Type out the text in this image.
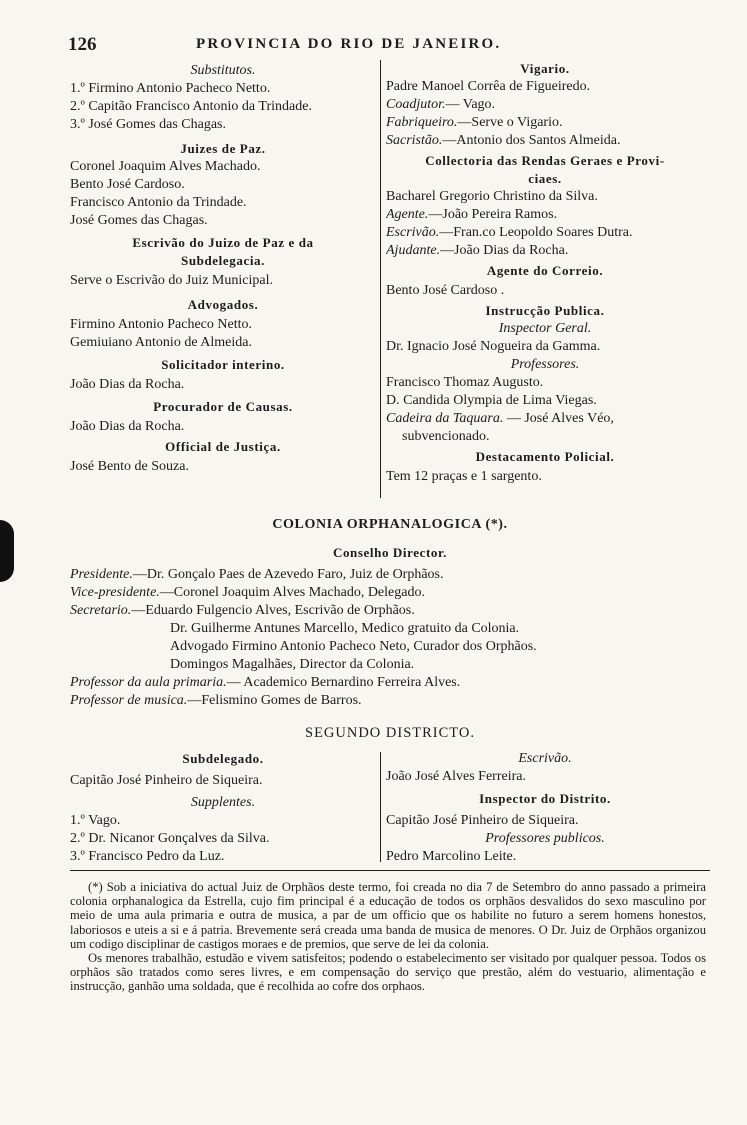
126	PROVINCIA DO RIO DE JANEIRO.
Substitutos.
1.º Firmino Antonio Pacheco Netto.
2.º Capitão Francisco Antonio da Trindade.
3.º José Gomes das Chagas.
Juizes de Paz.
Coronel Joaquim Alves Machado.
Bento José Cardoso.
Francisco Antonio da Trindade.
José Gomes das Chagas.
Escrivão do Juizo de Paz e da
Subdelegacia.
Serve o Escrivão do Juiz Municipal.
Advogados.
Firmino Antonio Pacheco Netto.
Gemiuiano Antonio de Almeida.
Solicitador interino.
João Dias da Rocha.
Procurador de Causas.
João Dias da Rocha.
Official de Justiça.
José Bento de Souza.
Vigario.
Padre Manoel Corrêa de Figueiredo.
Coadjutor.— Vago.
Fabriqueiro.—Serve o Vigario.
Sacristão.—Antonio dos Santos Almeida.
Collectoria das Rendas Geraes e Provi-
ciaes.
Bacharel Gregorio Christino da Silva.
Agente.—João Pereira Ramos.
Escrivão.—Fran.co Leopoldo Soares Dutra.
Ajudante.—João Dias da Rocha.
Agente do Correio.
Bento José Cardoso .
Instrucção Publica.
Inspector Geral.
Dr. Ignacio José Nogueira da Gamma.
Professores.
Francisco Thomaz Augusto.
D. Candida Olympia de Lima Viegas.
Cadeira da Taquara. — José Alves Véo,
subvencionado.
Destacamento Policial.
Tem 12 praças e 1 sargento.
COLONIA ORPHANALOGICA (*).
Conselho Director.
Presidente.—Dr. Gonçalo Paes de Azevedo Faro, Juiz de Orphãos.
Vice-presidente.—Coronel Joaquim Alves Machado, Delegado.
Secretario.—Eduardo Fulgencio Alves, Escrivão de Orphãos.
Dr. Guilherme Antunes Marcello, Medico gratuito da Colonia.
Advogado Firmino Antonio Pacheco Neto, Curador dos Orphãos.
Domingos Magalhães, Director da Colonia.
Professor da aula primaria.— Academico Bernardino Ferreira Alves.
Professor de musica.—Felismino Gomes de Barros.
SEGUNDO DISTRICTO.
Subdelegado.
Capitão José Pinheiro de Siqueira.
Supplentes.
1.º Vago.
2.º Dr. Nicanor Gonçalves da Silva.
3.º Francisco Pedro da Luz.
Escrivão.
João José Alves Ferreira.
Inspector do Distrito.
Capitão José Pinheiro de Siqueira.
Professores publicos.
Pedro Marcolino Leite.

(*) Sob a iniciativa do actual Juiz de Orphãos deste termo, foi creada no dia 7 de Setembro do anno passado a primeira colonia orphanalogica da Estrella, cujo fim principal é a educação de todos os orphãos desvalidos do sexo masculino por meio de uma aula primaria e outra de musica, a par de um officio que os habilite no futuro a serem homens honestos, laboriosos e uteis a si e á patria. Brevemente será creada uma banda de musica de menores. O Dr. Juiz de Orphãos organizou um codigo disciplinar de castigos moraes e de premios, que serve de lei da colonia.

Os menores trabalhão, estudão e vivem satisfeitos; podendo o estabelecimento ser visitado por qualquer pessoa. Todos os orphãos são tratados como seres livres, e em compensação do serviço que prestão, além do vestuario, alimentação e instrucção, ganhão uma soldada, que é recolhida ao cofre dos orphaos.
